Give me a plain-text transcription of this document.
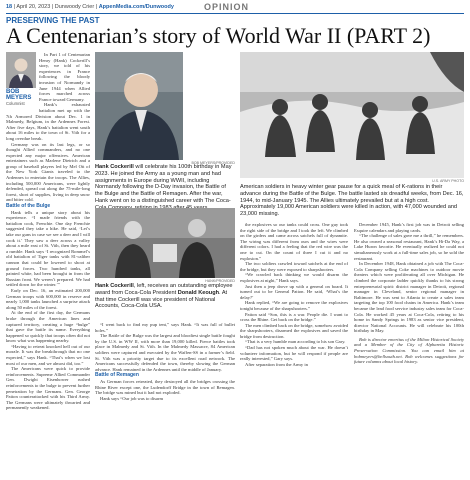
18 | April 20, 2023 | Dunwoody Crier | AppenMedia.com/Dunwoody	OPINION
PRESERVING THE PAST
A Centenarian’s story of World War II (PART 2)
BOB MEYERS
Columnist

In Part 1 of Centenarian Henry (Hank) Cockerill’s story, we told of his experiences in France following the bloody invasion of Normandy in June 1944 when Allied forces marched across France toward Germany.

Hank’s exhausted battalion met up with the 7th Armored Division about Dec. 1 in Malmedy, Belgium, in the Ardennes Forest. After five days, Hank’s battalion went south about 16 miles to the town of St. Vith for a long overdue break.

Germany was on its last legs, or so thought Allied commanders, and no one expected any major offensives. American entertainers such as Marlene Dietrich and a group of baseball players led by Mel Ott of the New York Giants traveled to the Ardennes to entertain the troops. The Allies, including 500,000 Americans, were lightly defended, spread out along the 75-mile-long forest, short of supplies, living in deep snow and bitter cold.

Battle of the Bulge

Hank tells a unique story about his experience. “I made friends with the battalion cook, Frenchie. One day Frenchie suggested they take a hike. He said, ‘Let’s take our guns in case we see a deer and I will cook it.’ They saw a deer across a valley about a mile east of St. Vith, then they heard a rumble. Hank says ‘I recognized Rommel’s old battalion of Tiger tanks with 81-caliber cannon that could be lowered to shoot at ground forces. Two hundred tanks, all painted white, had been brought in from the Russian front. We weren’t prepared. We had settled down for the winter.’”

Early on Dec. 16, an estimated 200,000 German troops with 600,000 in reserve and nearly 1,000 tanks launched a surprise attack along 50 miles of the forest.

At the end of the first day, the Germans broke through the American lines and captured territory, creating a huge “bulge” that gave the battle its name. Everything happened so quickly that troops often did not know what was happening nearby.

“Having to retreat knocked hell out of our morale. It was the breakthrough that no one expected,” says Hank. “That’s when we lost most of our men, and we almost did, too.”

The Americans were quick to provide reinforcements. Supreme Allied Commander Gen. Dwight Eisenhower rushed reinforcements to the bulge to prevent further penetration by the Germans. Gen. George Patton counterattacked with his Third Army. The Germans were ultimately thwarted and permanently weakened.

BOB MEYERS/PROVIDED
Hank Cockerill will celebrate his 100th birthday in May 2023. He joined the Army as a young man and had assignments in Europe during WWII, including Normandy following the D-Day invasion, the Battle of the Bulge and the Battle of Remagen. After the war, Hank went on to a distinguished career with The Coca-
HANK/PROVIDED
Hank Cockerill, left, receives an outstanding employee award from Coca-Cola President Donald Keough. At that time Cockerill was vice president of National Accounts, Coca-Cola USA.

“I went back to find my pup tent,” says Hank. “It was full of bullet holes.”

The Battle of the Bulge was the largest and bloodiest single battle fought by the U.S. in WW II, with more than 19,000 killed. Fierce battles took place in Malmedy and St. Vith. In the Malmedy Massacre, 84 American soldiers were captured and executed by the Waffen-SS in a farmer’s field. St. Vith was a priority target due to its excellent road network. The Americans successfully defended the town, thereby slowing the German advance. Hank remained in the Ardennes until the middle of January.

Battle of Remagen

As German forces retreated, they destroyed all the bridges crossing the Rhine River except one, the Ludendorff Bridge in the town of Remagen. The bridge was mined but it had not exploded.

Hank says “Our job was to disarm

U.S. ARMY PHOTO
American soldiers in heavy winter gear pause for a quick meal of K-rations in their advance during the Battle of the Bulge. The battle lasted six dreadful weeks, from Dec. 16, 1944, to mid-January 1945. The Allies ultimately prevailed but at a high cost. Approximately 19,000 American soldiers were killed in action, with 47,000 wounded and 23,000 missing.

the explosives so our tanks could cross. One guy took the right side of the bridge and I took the left. We climbed on the girders and came across satchels full of dynamite. The wiring was different from ours and the wires were different colors. I had a feeling that the red wire was the one to cut. On the count of three I cut it and no explosion.”

The two soldiers crawled toward satchels at the end of the bridge, but they were exposed to sharpshooters.

“We crawled back thinking we would disarm the explosives at night,” Hank says.

Just then a jeep drove up with a general on board. It turned out to be General Patton. He said, ‘What’s the delay?’

Hank replied, “We are going to remove the explosives tonight because of the sharpshooters.”

Patton said “Son, this is a war. People die. I want to cross the Rhine. Get back on the bridge.”

The men climbed back on the bridge, somehow avoided the sharpshooters, disarmed the explosives and saved the bridge from destruction.

“That is a very humble man according to his son Gary.

“Dad has not spoken much about the war. He doesn’t volunteer information, but he will respond if people are really interested,” Gary says.

After separation from the Army in

December 1945, Hank’s first job was in Detroit selling Esquire calendars and playing cards.

“The challenge of sales gave me a thrill,” he remembers. He also owned a seasonal restaurant, Hank’s Hi-Da Way, a Lake Huron favorite. He eventually realized he could not simultaneously work at a full-time sales job, so he sold the restaurant.

In December 1948, Hank obtained a job with The Coca-Cola Company selling Coke machines to outdoor movie theaters which were proliferating all over Michigan. He climbed the corporate ladder quickly thanks to his strong entrepreneurial spirit: district manager in Detroit, regional manager in Cleveland, senior regional manager in Baltimore. He was sent to Atlanta to create a sales team targeting the top 100 food chains in America. Hank’s team became the lead food service industry sales team for Coca-Cola. He worked 45 years at Coca-Cola, retiring to his home in Sandy Springs in 1983 as senior vice president, director National Accounts. He will celebrate his 100th birthday in May.

Bob is director emeritus of the Milton Historical Society and a Member of the City of Alpharetta Historic Preservation Commission. You can email him at bobmeyers@bellsouth.net. Bob welcomes suggestions for future columns about local history.
